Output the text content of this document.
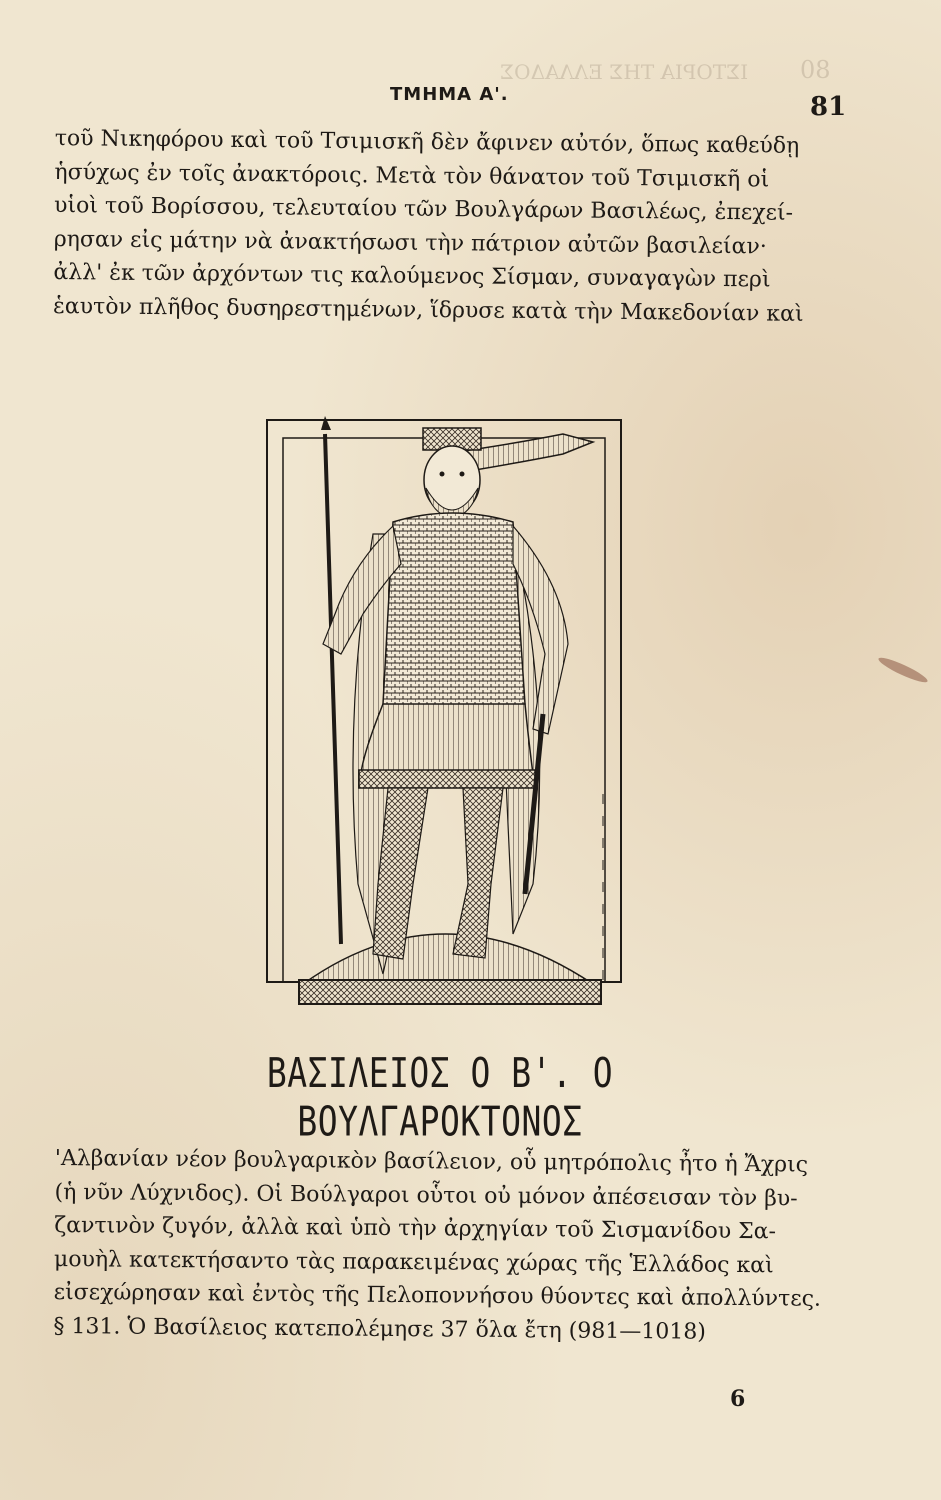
ΙΣΤΟΡΙΑ ΤΗΣ ΕΛΛΑΔΟΣ 80
ΤΜΗΜΑ Α'.	81
τοῦ Νικηφόρου καὶ τοῦ Τσιμισκῆ δὲν ἄφινεν αὐτόν, ὅπως καθεύδῃ
ἡσύχως ἐν τοῖς ἀνακτόροις. Μετὰ τὸν θάνατον τοῦ Τσιμισκῆ οἱ
υἱοὶ τοῦ Βορίσσου, τελευταίου τῶν Βουλγάρων Βασιλέως, ἐπεχεί-
ρησαν εἰς μάτην νὰ ἀνακτήσωσι τὴν πάτριον αὐτῶν βασιλείαν·
ἀλλ' ἐκ τῶν ἀρχόντων τις καλούμενος Σίσμαν, συναγαγὼν περὶ
ἑαυτὸν πλῆθος δυσηρεστημένων, ἵδρυσε κατὰ τὴν Μακεδονίαν καὶ
ΒΑΣΙΛΕΙΟΣ Ο Β'. Ο ΒΟΥΛΓΑΡΟΚΤΟΝΟΣ
'Αλβανίαν νέον βουλγαρικὸν βασίλειον, οὗ μητρόπολις ἦτο ἡ Ἄχρις
(ἡ νῦν Λύχνιδος). Οἱ Βούλγαροι οὗτοι οὐ μόνον ἀπέσεισαν τὸν βυ-
ζαντινὸν ζυγόν, ἀλλὰ καὶ ὑπὸ τὴν ἀρχηγίαν τοῦ Σισμανίδου Σα-
μουὴλ κατεκτήσαντο τὰς παρακειμένας χώρας τῆς Ἑλλάδος καὶ
εἰσεχώρησαν καὶ ἐντὸς τῆς Πελοποννήσου θύοντες καὶ ἀπολλύντες.
§ 131. Ὁ Βασίλειος κατεπολέμησε 37 ὅλα ἔτη (981—1018)
6
